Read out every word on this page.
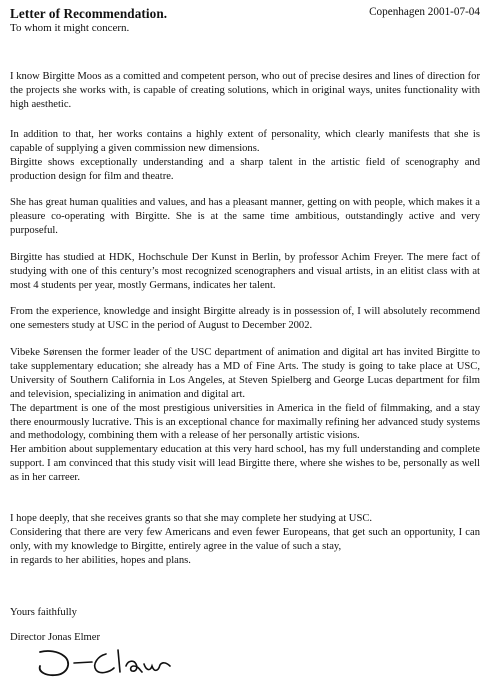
Letter of Recommendation.	Copenhagen 2001-07-04
To whom it might concern.
I know Birgitte Moos as a comitted and competent person, who out of precise desires and lines of direction for the projects she works with, is capable of creating solutions, which in original ways, unites functionality with high aesthetic.
In addition to that, her works contains a highly extent of personality, which clearly manifests that she is capable of supplying a given commission new dimensions.
Birgitte shows exceptionally understanding and a sharp talent in the artistic field of scenography and production design for film and theatre.
She has great human qualities and values, and has a pleasant manner, getting on with people, which makes it a pleasure co-operating with Birgitte. She is at the same time ambitious, outstandingly active and very purposeful.
Birgitte has studied at HDK, Hochschule Der Kunst in Berlin, by professor Achim Freyer. The mere fact of studying with one of this century’s most recognized scenographers and visual artists, in an elitist class with at most 4 students per year, mostly Germans, indicates her talent.
From the experience, knowledge and insight Birgitte already is in possession of, I will absolutely recommend one semesters study at USC in the period of August to December 2002.
Vibeke Sørensen the former leader of the USC department of animation and digital art has invited Birgitte to take supplementary education; she already has a MD of Fine Arts. The study is going to take place at USC, University of Southern California in Los Angeles, at Steven Spielberg and George Lucas department for film and television, specializing in animation and digital art.
The department is one of the most prestigious universities in America in the field of filmmaking, and a stay there enourmously lucrative. This is an exceptional chance for maximally refining her advanced study systems and methodology, combining them with a release of her personally artistic visions.
Her ambition about supplementary education at this very hard school, has my full understanding and complete support. I am convinced that this study visit will lead Birgitte there, where she wishes to be, personally as well as in her carreer.
I hope deeply, that she receives grants so that she may complete her studying at USC.
Considering that there are very few Americans and even fewer Europeans, that get such an opportunity, I can only, with my knowledge to Birgitte, entirely agree in the value of such a stay,
in regards to her abilities, hopes and plans.
Yours faithfully
Director Jonas Elmer
